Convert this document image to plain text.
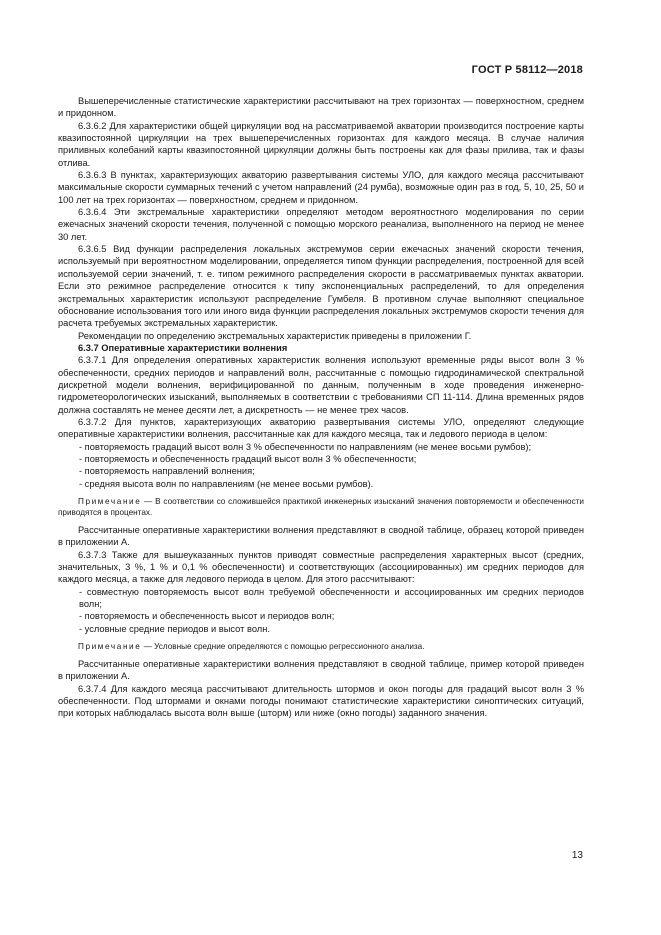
ГОСТ Р 58112—2018

Вышеперечисленные статистические характеристики рассчитывают на трех горизонтах — поверхностном, среднем и придонном.

6.3.6.2 Для характеристики общей циркуляции вод на рассматриваемой акватории производится построение карты квазипостоянной циркуляции на трех вышеперечисленных горизонтах для каждого месяца. В случае наличия приливных колебаний карты квазипостоянной циркуляции должны быть построены как для фазы прилива, так и фазы отлива.

6.3.6.3 В пунктах, характеризующих акваторию развертывания системы УЛО, для каждого месяца рассчитывают максимальные скорости суммарных течений с учетом направлений (24 румба), возможные один раз в год, 5, 10, 25, 50 и 100 лет на трех горизонтах — поверхностном, среднем и придонном.

6.3.6.4 Эти экстремальные характеристики определяют методом вероятностного моделирования по серии ежечасных значений скорости течения, полученной с помощью морского реанализа, выполненного на период не менее 30 лет.

6.3.6.5 Вид функции распределения локальных экстремумов серии ежечасных значений скорости течения, используемый при вероятностном моделировании, определяется типом функции распределения, построенной для всей используемой серии значений, т. е. типом режимного распределения скорости в рассматриваемых пунктах акватории. Если это режимное распределение относится к типу экспоненциальных распределений, то для определения экстремальных характеристик используют распределение Гумбеля. В противном случае выполняют специальное обоснование использования того или иного вида функции распределения локальных экстремумов скорости течения для расчета требуемых экстремальных характеристик.

Рекомендации по определению экстремальных характеристик приведены в приложении Г.

6.3.7 Оперативные характеристики волнения

6.3.7.1 Для определения оперативных характеристик волнения используют временные ряды высот волн 3 % обеспеченности, средних периодов и направлений волн, рассчитанные с помощью гидродинамической спектральной дискретной модели волнения, верифицированной по данным, полученным в ходе проведения инженерно-гидрометеорологических изысканий, выполняемых в соответствии с требованиями СП 11-114. Длина временных рядов должна составлять не менее десяти лет, а дискретность — не менее трех часов.

6.3.7.2 Для пунктов, характеризующих акваторию развертывания системы УЛО, определяют следующие оперативные характеристики волнения, рассчитанные как для каждого месяца, так и ледового периода в целом:

- повторяемость градаций высот волн 3 % обеспеченности по направлениям (не менее восьми румбов);

- повторяемость и обеспеченность градаций высот волн 3 % обеспеченности;

- повторяемость направлений волнения;

- средняя высота волн по направлениям (не менее восьми румбов).

Примечание — В соответствии со сложившейся практикой инженерных изысканий значения повторяемости и обеспеченности приводятся в процентах.

Рассчитанные оперативные характеристики волнения представляют в сводной таблице, образец которой приведен в приложении А.

6.3.7.3 Также для вышеуказанных пунктов приводят совместные распределения характерных высот (средних, значительных, 3 %, 1 % и 0,1 % обеспеченности) и соответствующих (ассоциированных) им средних периодов для каждого месяца, а также для ледового периода в целом. Для этого рассчитывают:

- совместную повторяемость высот волн требуемой обеспеченности и ассоциированных им средних периодов волн;

- повторяемость и обеспеченность высот и периодов волн;

- условные средние периодов и высот волн.

Примечание — Условные средние определяются с помощью регрессионного анализа.

Рассчитанные оперативные характеристики волнения представляют в сводной таблице, пример которой приведен в приложении А.

6.3.7.4 Для каждого месяца рассчитывают длительность штормов и окон погоды для градаций высот волн 3 % обеспеченности. Под штормами и окнами погоды понимают статистические характеристики синоптических ситуаций, при которых наблюдалась высота волн выше (шторм) или ниже (окно погоды) заданного значения.

13
